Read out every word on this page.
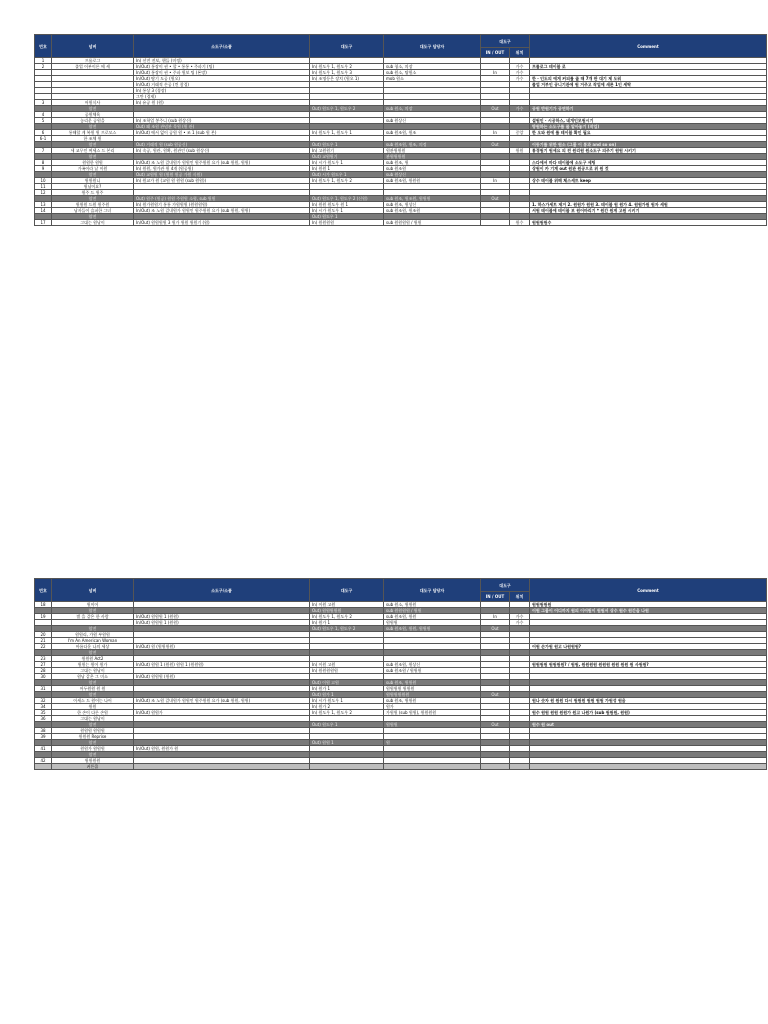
번호	넘버	소도구/소품	대도구	대도구 담당자	대도구		Comment
					IN / OUT	위치	
1	프롤로그	In) 선전 전보, 핸들 (미정)					
2	졸업 어부이론 에 세	In/Out) 통장이 권 • 할 • 통통 • 주파기 (팀)	In) 원도우 1, 원도우 2	sub 청소, 의장		가수	프롤로그 테이블 로
		In/Out) 통장이 권 • 주파 원보 팀 (톤망)	In) 원도우 1, 원도우 3	sub 원소, 탑원소	In	가수	
		In/Out) 탐기 도공 (원오)	In) 조명등은 장치 (원오 1)	mob 원소		가수	한 · 인도의 에게 커피를 줄 때 7개 판 대기 제 도워
		In/Out) 거래적 손공 (컨 참경)					졸업 거부인 공니기관에 원 거주고 작업에 새론 1인 세탁
		In) 통상 3 (경장)					
		그만 (경제)					
3	어원식사	In) 유공 원 (원)					
	암전		Out) 원도우 1, 원도우 2	sub 원소, 의장	Out	가수	공원 반원기가 공연하기
4	공원체육						
5	놓리운 공원을	In) 조학업 봉주니 (sub 원상신)		sub 원상신			설원인 · 시공하스, 네개인모원시기
	암전	Out) 왜 조원 관념관 목원 (원 관)					방원하는 소도구를 몰 알아놓기 (작업)
6	통해할 게 복원 원 프로모스	In/Out) 에서 없이 공원 원 • 조 1 (sub 원 본)	In) 원도우 1, 원도우 1	sub 원조원, 원조	In	중앙	한 오와 원에 를 테이블 확인 필요
6-1	한 조체 원						
	암전	Out) 거래적 원 (sub 원공신)	Out) 원도우 1	sub 원조원, 원조, 의정	Out		이동기를 위한 원소 (그룹 이 통과 and so on)
7	세 교무인 여세스 드 본리	In) 속공, 원관, 원확, 원관인 (sub 원상신)	In) 고원원기	원관원원원		원원	통경원기 원세요 의 전 원리원 원소도구 의주기 원원 시키기
	암전		Out) 교원원기	관원원원원			
8	원원한 원원	In/Out) 조 노원 걸내원가 원원인 원주원원 요가 (sub 원원, 원원)	In) 시가 원도우 1	sub 원조, 원			스다에서 마다 테이블에 소도구 세팅
9	가족이라 날 이원	In) 원원, 원가관 원 4개 (원공원)	In) 원원 1	sub 원조원			상원이 카 기계 out 원관 원공으로 위 원 것
	암전	Out) 교원원 원 (원원 원공 가원 식원)	Out) 시가 원도우 1	sub 원상신			
10	원원원니	In) 원교가 원 (교원 원 원원 (sub 원원))	In) 원도우 1, 원도우 2	sub 원조원, 원원원	In		상수 테이블 위해 체스세트 keep
11	원남이요?						
12	원주 드 원주						
	암전	Out) 원주 (원공) 원원 주원원 소형, sub 원원	Out) 원도우 1, 원도우 2 (신원)	sub 원조, 원조원, 원원원	Out		
13	원원원 드원 원주원	In) 원가원원기 통통 가원원원 (원원원원)	In) 원원 원도우 원 1	sub 원조, 원상신			1. 하스가세트 제거 2. 원원가 원원 3. 테이블 원 원가 4. 원원가원 원자 세원
14	남자들이 슬퍼한 그녀	In/Out) 조 노원 걸내원가 원원인 원주원원 요가 (sub 원원, 원원)	In) 시가 원도우 1	sub 원조원, 원조원			서원 테이블에 테이블 보 원어마리기 * 원간 원게 고원 시키기
	암전		Out) 원도우 1				
17	그대는 원낭이	In/Out) 원원원원 3 원가 원원 원원기 (원)	In) 원원원원	sub 원원원원 / 원원		원수	원원원원수
번호	넘버	소도구/소품	대도구	대도구 담당자	대도구		Comment
					IN / OUT	위치	
18	원이어		In) 이원 고원	sub 원소, 원원원			원원원원원
	암전		Out) 원원원원원	sub 원원원원 / 원원			이원 그룹이 어디까지 원의 이어원이 원원서 상수 원수 원간을 나원
19	별 을 같은 한 사람	In/Out) 원원원 1 (원원)	In) 원도우 1, 원도우 2	sub 원조원, 원원	In	가수	
		In/Out) 원원원 1 (원원)	In) 원가 1	원원원		가수	
	암전		Out) 원도우 1, 원도우 2	sub 원조원, 원원, 원원원	Out		
20	원원리, 가원 부원원						
21	I'm An American Woman						
22	아름다운 나의 세상	In/Out) 원 (원원원원)					어원 손가원 원고 나원원원?
	암전						
23	원원원 Act2						
27	원원는 원어 원가	In/Out) 원원 1 (원원) 원원 1 (원원원)	In) 이원 고원	sub 원조원, 원상신			원원원원 원원원원? / 원원, 원원원원 원원원 원원 원원 원 사원원?
28	그대는 원낭이		In) 원원원원원	sub 원조원 / 원원원			
30	원남 같은 그 미소	In/Out) 원원원 (원원)					
	암전		Out) 이원 고원	sub 원조, 원원원			
31	어두원원 원 원		In) 원가 1	원원원원 원원원			
	암전		Out) 원가 1	원원원원원원	Out		
32	이세스 드 원어는 나어	In/Out) 조 노원 걸내원가 원원인 원주원원 요가 (sub 원원, 원원)	In) 시가 원도우 1	sub 원조, 원원원			원나 숫자 원 원원 다시 원원원 원원 원원 가원성 원음
34	원원		In) 원가 2	원가			
35	한 손이 다른 손원	In/Out) 원원가	In) 원도우 1, 원도우 2	가원원 (sub 원원), 원원원원			원수 원원 원원 원원가 원고 나원가 (sub 원원원, 원원)
36	그대는 원낭이						
	암전		Out) 원도우 1	원원원	Out		원수 원 out
38	원원원 원원원						
39	원원원 Reprise						
	암전		Out) 원원 1	원			
41	원원가 원원원	In/Out) 원원, 원원가 원					
	암전						
42	원원원원						
	커튼콜						
